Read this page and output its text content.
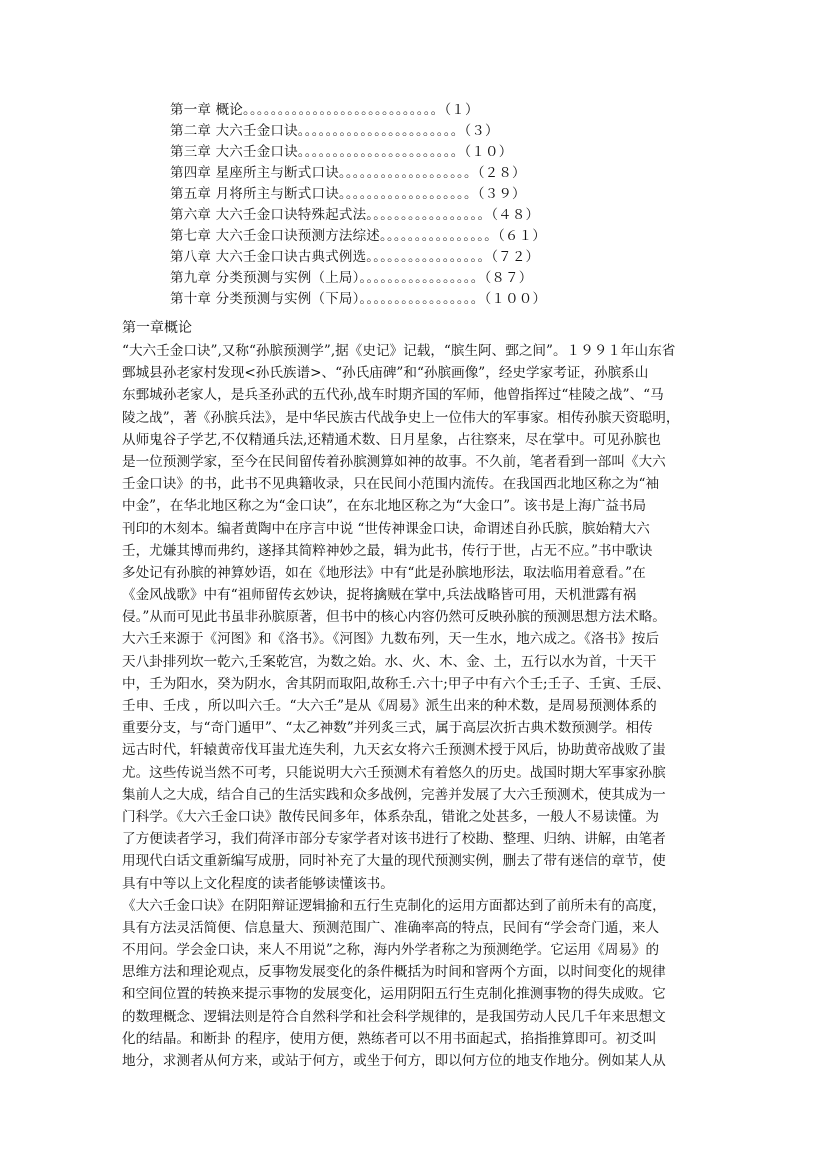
第一章 概论。。。。。。。。。。。。。。。。。。。。。。。。。。。。（１）
第二章 大六壬金口诀。。。。。。。。。。。。。。。。。。。。。。。（３）
第三章 大六壬金口诀。。。。。。。。。。。。。。。。。。。。。。。（１０）
第四章 星座所主与断式口诀。。。。。。。。。。。。。。。。。。。（２８）
第五章 月将所主与断式口诀。。。。。。。。。。。。。。。。。。。（３９）
第六章 大六壬金口诀特殊起式法。。。。。。。。。。。。。。。。。（４８）
第七章 大六壬金口诀预测方法综述。。。。。。。。。。。。。。。。（６１）
第八章 大六壬金口诀古典式例选。。。。。。。。。。。。。。。。。（７２）
第九章 分类预测与实例（上局）。。。。。。。。。。。。。。。。。（８７）
第十章 分类预测与实例（下局）。。。。。。。。。。。。。。。。。（１００）
第一章概论
“大六壬金口诀”,又称“孙膑预测学”,据《史记》记载，“膑生阿、鄄之间”。１９９１年山东省
鄄城县孙老家村发现<孙氏族谱>、“孙氏庙碑”和“孙膑画像”，经史学家考证，孙膑系山
东鄄城孙老家人，是兵圣孙武的五代孙,战车时期齐国的军师，他曾指挥过“桂陵之战”、“马
陵之战”，著《孙膑兵法》，是中华民族古代战争史上一位伟大的军事家。相传孙膑天资聪明，
从师鬼谷子学艺,不仅精通兵法,还精通术数、日月星象，占往察来，尽在掌中。可见孙膑也
是一位预测学家，至今在民间留传着孙膑测算如神的故事。不久前，笔者看到一部叫《大六
壬金口诀》的书，此书不见典籍收录，只在民间小范围内流传。在我国西北地区称之为“袖
中金”，在华北地区称之为“金口诀”，在东北地区称之为“大金口”。该书是上海广益书局
刊印的木刻本。编者黄陶中在序言中说 “世传神课金口诀，命谓述自孙氏膑，膑始精大六
壬，尤嫌其博而弗约，遂择其简粹神妙之最，辑为此书，传行于世，占无不应。”书中歌诀
多处记有孙膑的神算妙语，如在《地形法》中有“此是孙膑地形法，取法临用着意看。”在
《金风战歌》中有“祖师留传玄妙诀，捉将擒贼在掌中,兵法战略皆可用，天机泄露有祸
侵。”从而可见此书虽非孙膑原著，但书中的核心内容仍然可反映孙膑的预测思想方法术略。
大六壬来源于《河图》和《洛书》。《河图》九数布列，天一生水，地六成之。《洛书》按后
天八卦排列坎一乾六,壬案乾宫，为数之始。水、火、木、金、土，五行以水为首，十天干
中，壬为阳水，癸为阴水，舍其阴而取阳,故称壬.六十;甲子中有六个壬;壬子、壬寅、壬辰、
壬申、壬戌 ，所以叫六壬。“大六壬”是从《周易》派生出来的种术数，是周易预测体系的
重要分支，与“奇门遁甲”、“太乙神数”并列炙三式，属于高层次折古典术数预测学。相传
远古时代，轩辕黄帝伐耳蚩尤连失利，九天玄女将六壬预测术授于风后，协助黄帝战败了蚩
尤。这些传说当然不可考，只能说明大六壬预测术有着悠久的历史。战国时期大军事家孙膑
集前人之大成，结合自己的生活实践和众多战例，完善并发展了大六壬预测术，使其成为一
门科学。《大六壬金口诀》散传民间多年，体系杂乱，错讹之处甚多，一般人不易读懂。为
了方便读者学习，我们荷泽市部分专家学者对该书进行了校勘、整理、归纳、讲解，由笔者
用现代白话文重新编写成册，同时补充了大量的现代预测实例，删去了带有迷信的章节，使
具有中等以上文化程度的读者能够读懂该书。
《大六壬金口诀》在阴阳辩证逻辑揄和五行生克制化的运用方面都达到了前所未有的高度，
具有方法灵活简便、信息量大、预测范围广、准确率高的特点，民间有“学会奇门遁，来人
不用问。学会金口诀，来人不用说”之称，海内外学者称之为预测绝学。它运用《周易》的
思维方法和理论观点，反事物发展变化的条件概括为时间和窨两个方面，以时间变化的规律
和空间位置的转换来提示事物的发展变化，运用阴阳五行生克制化推测事物的得失成败。它
的数理概念、逻辑法则是符合自然科学和社会科学规律的，是我国劳动人民几千年来思想文
化的结晶。和断卦 的程序，使用方便，熟练者可以不用书面起式，掐指推算即可。初爻叫
地分，求测者从何方来，或站于何方，或坐于何方，即以何方位的地支作地分。例如某人从
